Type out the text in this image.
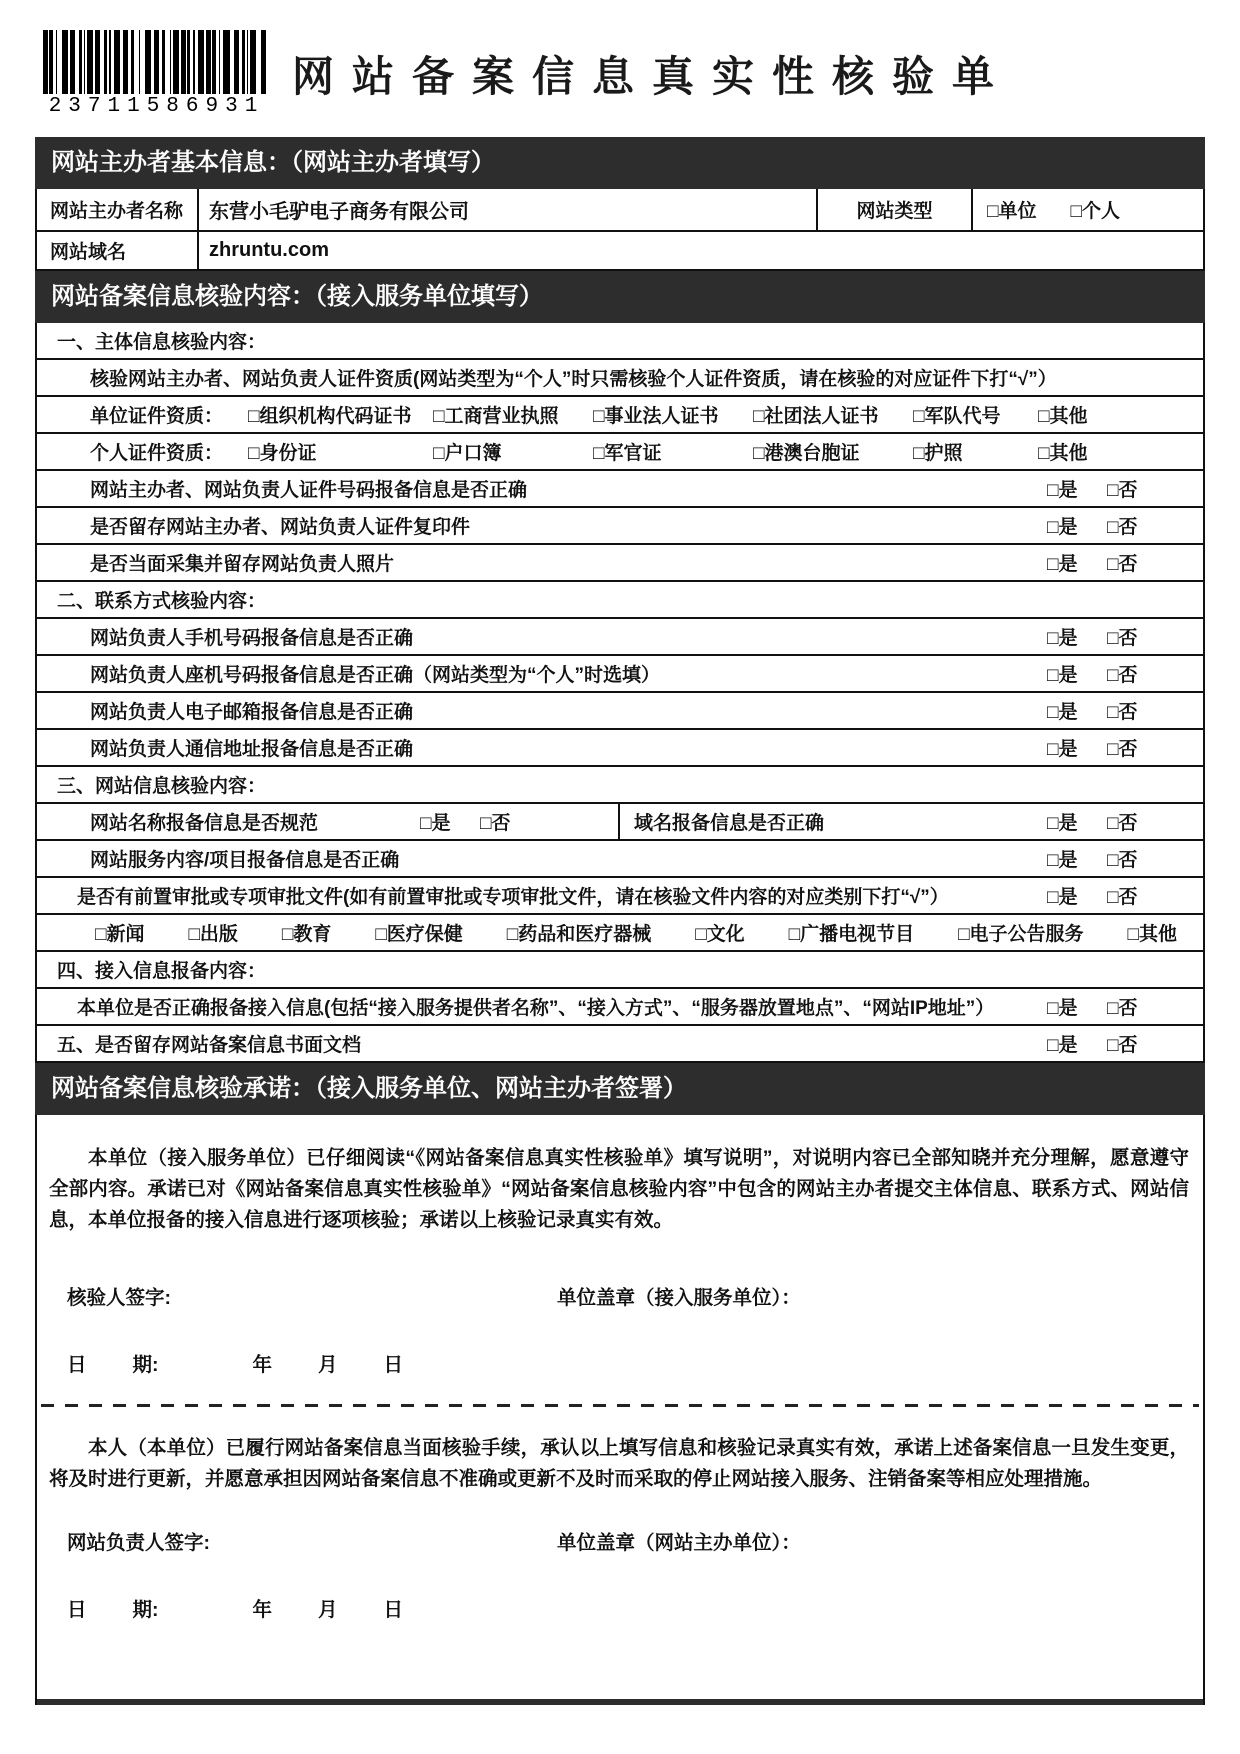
23711586931
网站备案信息真实性核验单
网站主办者基本信息：（网站主办者填写）
网站主办者名称	东营小毛驴电子商务有限公司	网站类型	□单位 □个人
网站域名	zhruntu.com
网站备案信息核验内容：（接入服务单位填写）
一、主体信息核验内容：
核验网站主办者、网站负责人证件资质(网站类型为“个人”时只需核验个人证件资质，请在核验的对应证件下打“√”）
单位证件资质：	□组织机构代码证书	□工商营业执照	□事业法人证书	□社团法人证书	□军队代号	□其他
个人证件资质：	□身份证	□户口簿	□军官证	□港澳台胞证	□护照	□其他
网站主办者、网站负责人证件号码报备信息是否正确	□是	□否
是否留存网站主办者、网站负责人证件复印件	□是	□否
是否当面采集并留存网站负责人照片	□是	□否
二、联系方式核验内容：
网站负责人手机号码报备信息是否正确	□是	□否
网站负责人座机号码报备信息是否正确（网站类型为“个人”时选填）	□是	□否
网站负责人电子邮箱报备信息是否正确	□是	□否
网站负责人通信地址报备信息是否正确	□是	□否
三、网站信息核验内容：
网站名称报备信息是否规范	□是	□否	域名报备信息是否正确	□是	□否
网站服务内容/项目报备信息是否正确	□是	□否
是否有前置审批或专项审批文件(如有前置审批或专项审批文件，请在核验文件内容的对应类别下打“√”）	□是	□否
□新闻 □出版 □教育 □医疗保健 □药品和医疗器械 □文化 □广播电视节目 □电子公告服务 □其他
四、接入信息报备内容：
本单位是否正确报备接入信息(包括“接入服务提供者名称”、“接入方式”、“服务器放置地点”、“网站IP地址”）	□是	□否
五、是否留存网站备案信息书面文档	□是	□否
网站备案信息核验承诺：（接入服务单位、网站主办者签署）

本单位（接入服务单位）已仔细阅读“《网站备案信息真实性核验单》填写说明”，对说明内容已全部知晓并充分理解，愿意遵守全部内容。承诺已对《网站备案信息真实性核验单》“网站备案信息核验内容”中包含的网站主办者提交主体信息、联系方式、网站信息，本单位报备的接入信息进行逐项核验；承诺以上核验记录真实有效。

核验人签字:	单位盖章（接入服务单位）：
日 期:	年 月 日

本人（本单位）已履行网站备案信息当面核验手续，承认以上填写信息和核验记录真实有效，承诺上述备案信息一旦发生变更，将及时进行更新，并愿意承担因网站备案信息不准确或更新不及时而采取的停止网站接入服务、注销备案等相应处理措施。

网站负责人签字:	单位盖章（网站主办单位）：
日 期:	年 月 日
